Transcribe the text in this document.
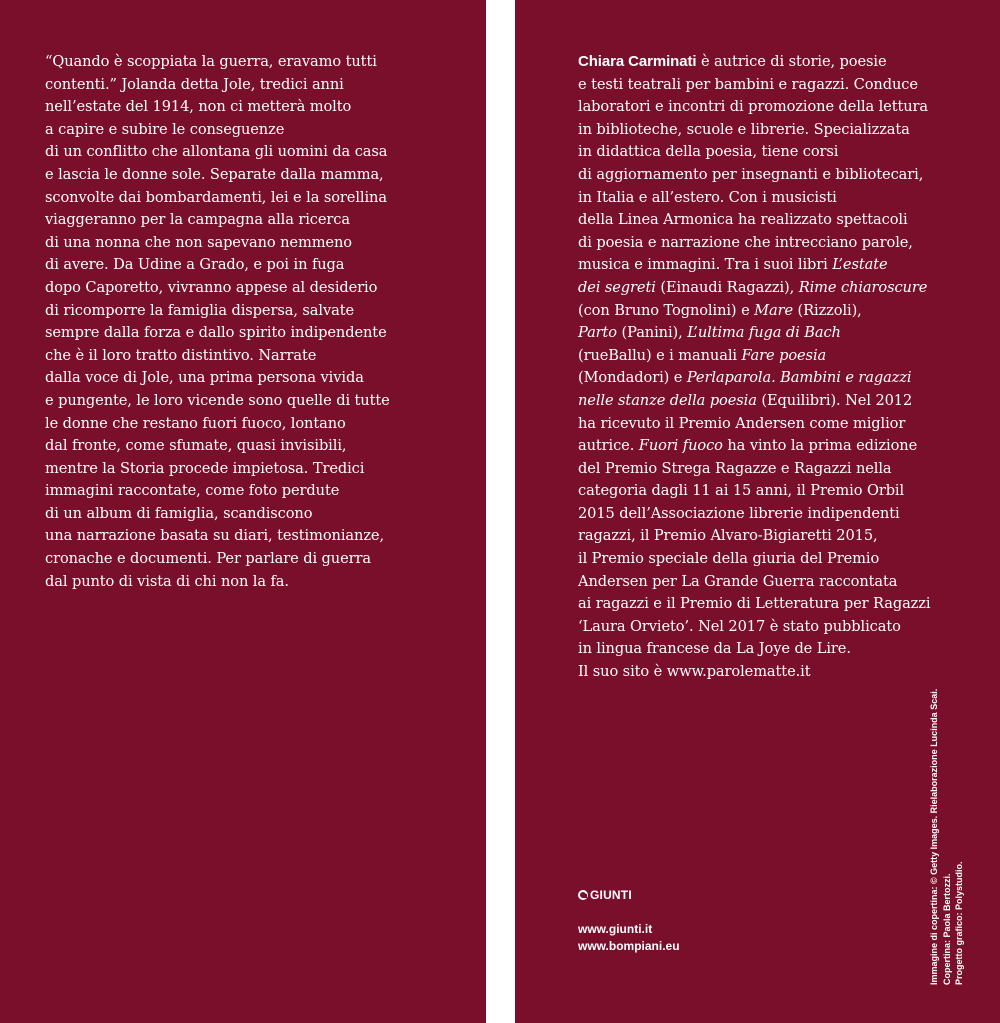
“Quando è scoppiata la guerra, eravamo tutti

contenti.” Jolanda detta Jole, tredici anni

nell’estate del 1914, non ci metterà molto

a capire e subire le conseguenze

di un conflitto che allontana gli uomini da casa

e lascia le donne sole. Separate dalla mamma,

sconvolte dai bombardamenti, lei e la sorellina

viaggeranno per la campagna alla ricerca

di una nonna che non sapevano nemmeno

di avere. Da Udine a Grado, e poi in fuga

dopo Caporetto, vivranno appese al desiderio

di ricomporre la famiglia dispersa, salvate

sempre dalla forza e dallo spirito indipendente

che è il loro tratto distintivo. Narrate

dalla voce di Jole, una prima persona vivida

e pungente, le loro vicende sono quelle di tutte

le donne che restano fuori fuoco, lontano

dal fronte, come sfumate, quasi invisibili,

mentre la Storia procede impietosa. Tredici

immagini raccontate, come foto perdute

di un album di famiglia, scandiscono

una narrazione basata su diari, testimonianze,

cronache e documenti. Per parlare di guerra

dal punto di vista di chi non la fa.

Chiara Carminati è autrice di storie, poesie

e testi teatrali per bambini e ragazzi. Conduce

laboratori e incontri di promozione della lettura

in biblioteche, scuole e librerie. Specializzata

in didattica della poesia, tiene corsi

di aggiornamento per insegnanti e bibliotecari,

in Italia e all’estero. Con i musicisti

della Linea Armonica ha realizzato spettacoli

di poesia e narrazione che intrecciano parole,

musica e immagini. Tra i suoi libri L’estate

dei segreti (Einaudi Ragazzi), Rime chiaroscure

(con Bruno Tognolini) e Mare (Rizzoli),

Parto (Panini), L’ultima fuga di Bach

(rueBallu) e i manuali Fare poesia

(Mondadori) e Perlaparola. Bambini e ragazzi

nelle stanze della poesia (Equilibri). Nel 2012

ha ricevuto il Premio Andersen come miglior

autrice. Fuori fuoco ha vinto la prima edizione

del Premio Strega Ragazze e Ragazzi nella

categoria dagli 11 ai 15 anni, il Premio Orbil

2015 dell’Associazione librerie indipendenti

ragazzi, il Premio Alvaro-Bigiaretti 2015,

il Premio speciale della giuria del Premio

Andersen per La Grande Guerra raccontata

ai ragazzi e il Premio di Letteratura per Ragazzi

‘Laura Orvieto’. Nel 2017 è stato pubblicato

in lingua francese da La Joye de Lire.

Il suo sito è www.parolematte.it

GIUNTI
www.giunti.it
www.bompiani.eu	Immagine di copertina: © Getty Images. Rielaborazione Lucinda Scai. Copertina: Paola Bertozzi. Progetto grafico: Polystudio.
